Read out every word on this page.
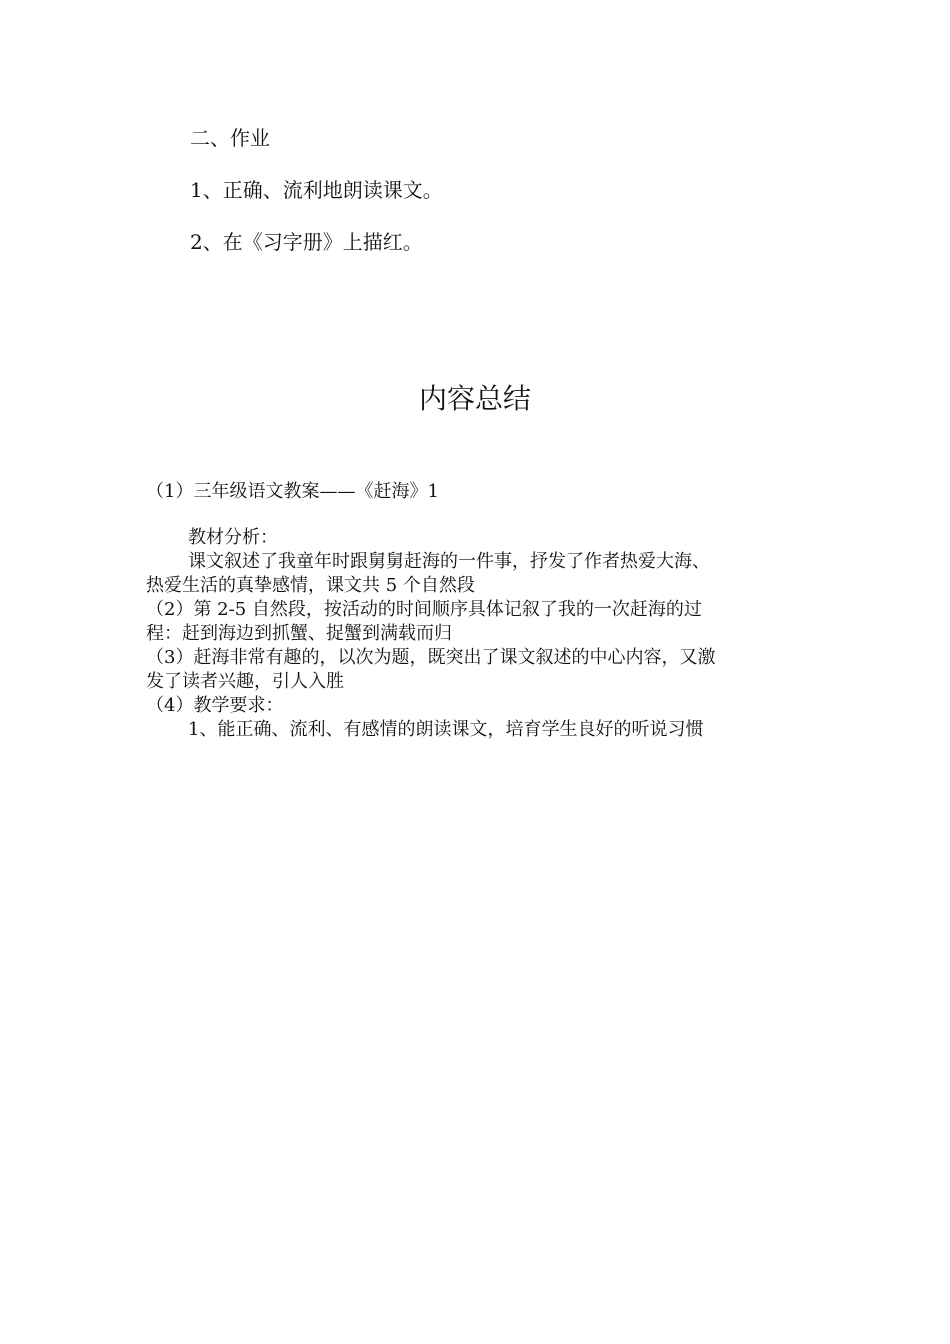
二、作业
1、正确、流利地朗读课文。
2、在《习字册》上描红。
内容总结

（1）三年级语文教案——《赶海》1

教材分析：

课文叙述了我童年时跟舅舅赶海的一件事，抒发了作者热爱大海、

热爱生活的真挚感情，课文共 5 个自然段

（2）第 2-5 自然段，按活动的时间顺序具体记叙了我的一次赶海的过

程：赶到海边到抓蟹、捉蟹到满载而归

（3）赶海非常有趣的，以次为题，既突出了课文叙述的中心内容，又激

发了读者兴趣，引人入胜

（4）教学要求：

1、能正确、流利、有感情的朗读课文，培育学生良好的听说习惯
